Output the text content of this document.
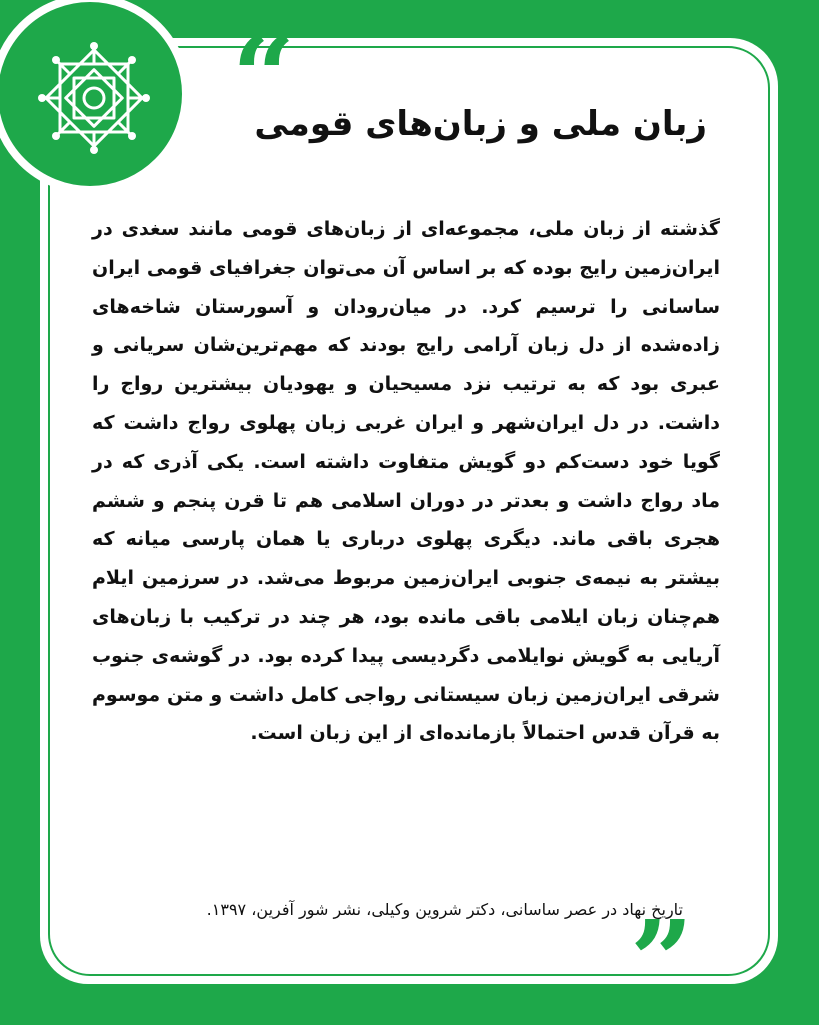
“
زبان ملی و زبان‌های قومی
گذشته از زبان ملی، مجموعه‌ای از زبان‌های قومی مانند سغدی در ایران‌زمین رایج بوده که بر اساس آن می‌توان جغرافیای قومی ایران ساسانی را ترسیم کرد. در میان‌رودان و آسورستان شاخه‌های زاده‌شده از دل زبان آرامی رایج بودند که مهم‌ترین‌شان سریانی و عبری بود که به ترتیب نزد مسیحیان و یهودیان بیشترین رواج را داشت. در دل ایران‌شهر و ایران غربی زبان پهلوی رواج داشت که گویا خود دست‌کم دو گویش متفاوت داشته است. یکی آذری که در ماد رواج داشت و بعدتر در دوران اسلامی هم تا قرن پنجم و ششم هجری باقی ماند. دیگری پهلوی درباری یا همان پارسی میانه که بیشتر به نیمه‌ی جنوبی ایران‌زمین مربوط می‌شد. در سرزمین ایلام هم‌چنان زبان ایلامی باقی مانده بود، هر چند در ترکیب با زبان‌های آریایی به گویش نوایلامی دگردیسی پیدا کرده بود. در گوشه‌ی جنوب شرقی ایران‌زمین زبان سیستانی رواجی کامل داشت و متن موسوم به قرآن قدس احتمالاً بازمانده‌ای از این زبان است.
تاریخ نهاد در عصر ساسانی، دکتر شروین وکیلی، نشر شور آفرین، ۱۳۹۷.
”
